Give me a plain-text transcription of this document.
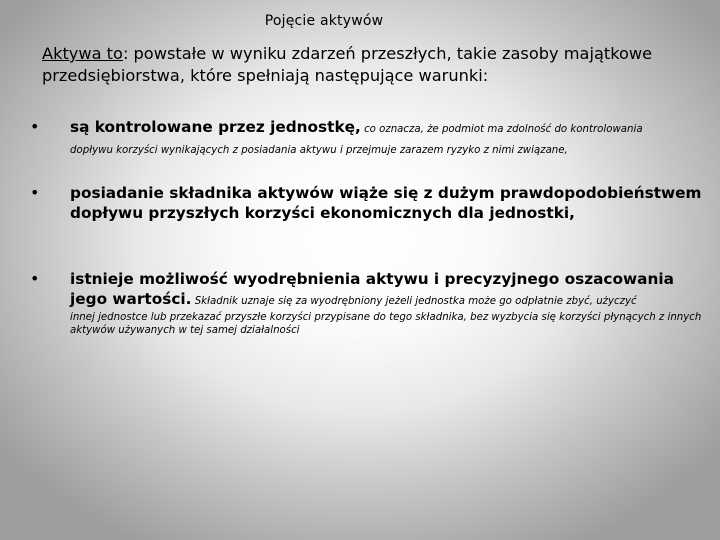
Pojęcie aktywów
Aktywa to: powstałe w wyniku zdarzeń przeszłych, takie zasoby majątkowe przedsiębiorstwa, które spełniają następujące warunki:
• są kontrolowane przez jednostkę, co oznacza, że podmiot ma zdolność do kontrolowania
dopływu korzyści wynikających z posiadania aktywu i przejmuje zarazem ryzyko z nimi związane,
• posiadanie składnika aktywów wiąże się z dużym prawdopodobieństwem dopływu przyszłych korzyści ekonomicznych dla jednostki,
• istnieje możliwość wyodrębnienia aktywu i precyzyjnego oszacowania jego wartości. Składnik uznaje się za wyodrębniony jeżeli jednostka może go odpłatnie zbyć, użyczyć
innej jednostce lub przekazać przyszłe korzyści przypisane do tego składnika, bez wyzbycia się korzyści płynących z innych aktywów używanych w tej samej działalności
